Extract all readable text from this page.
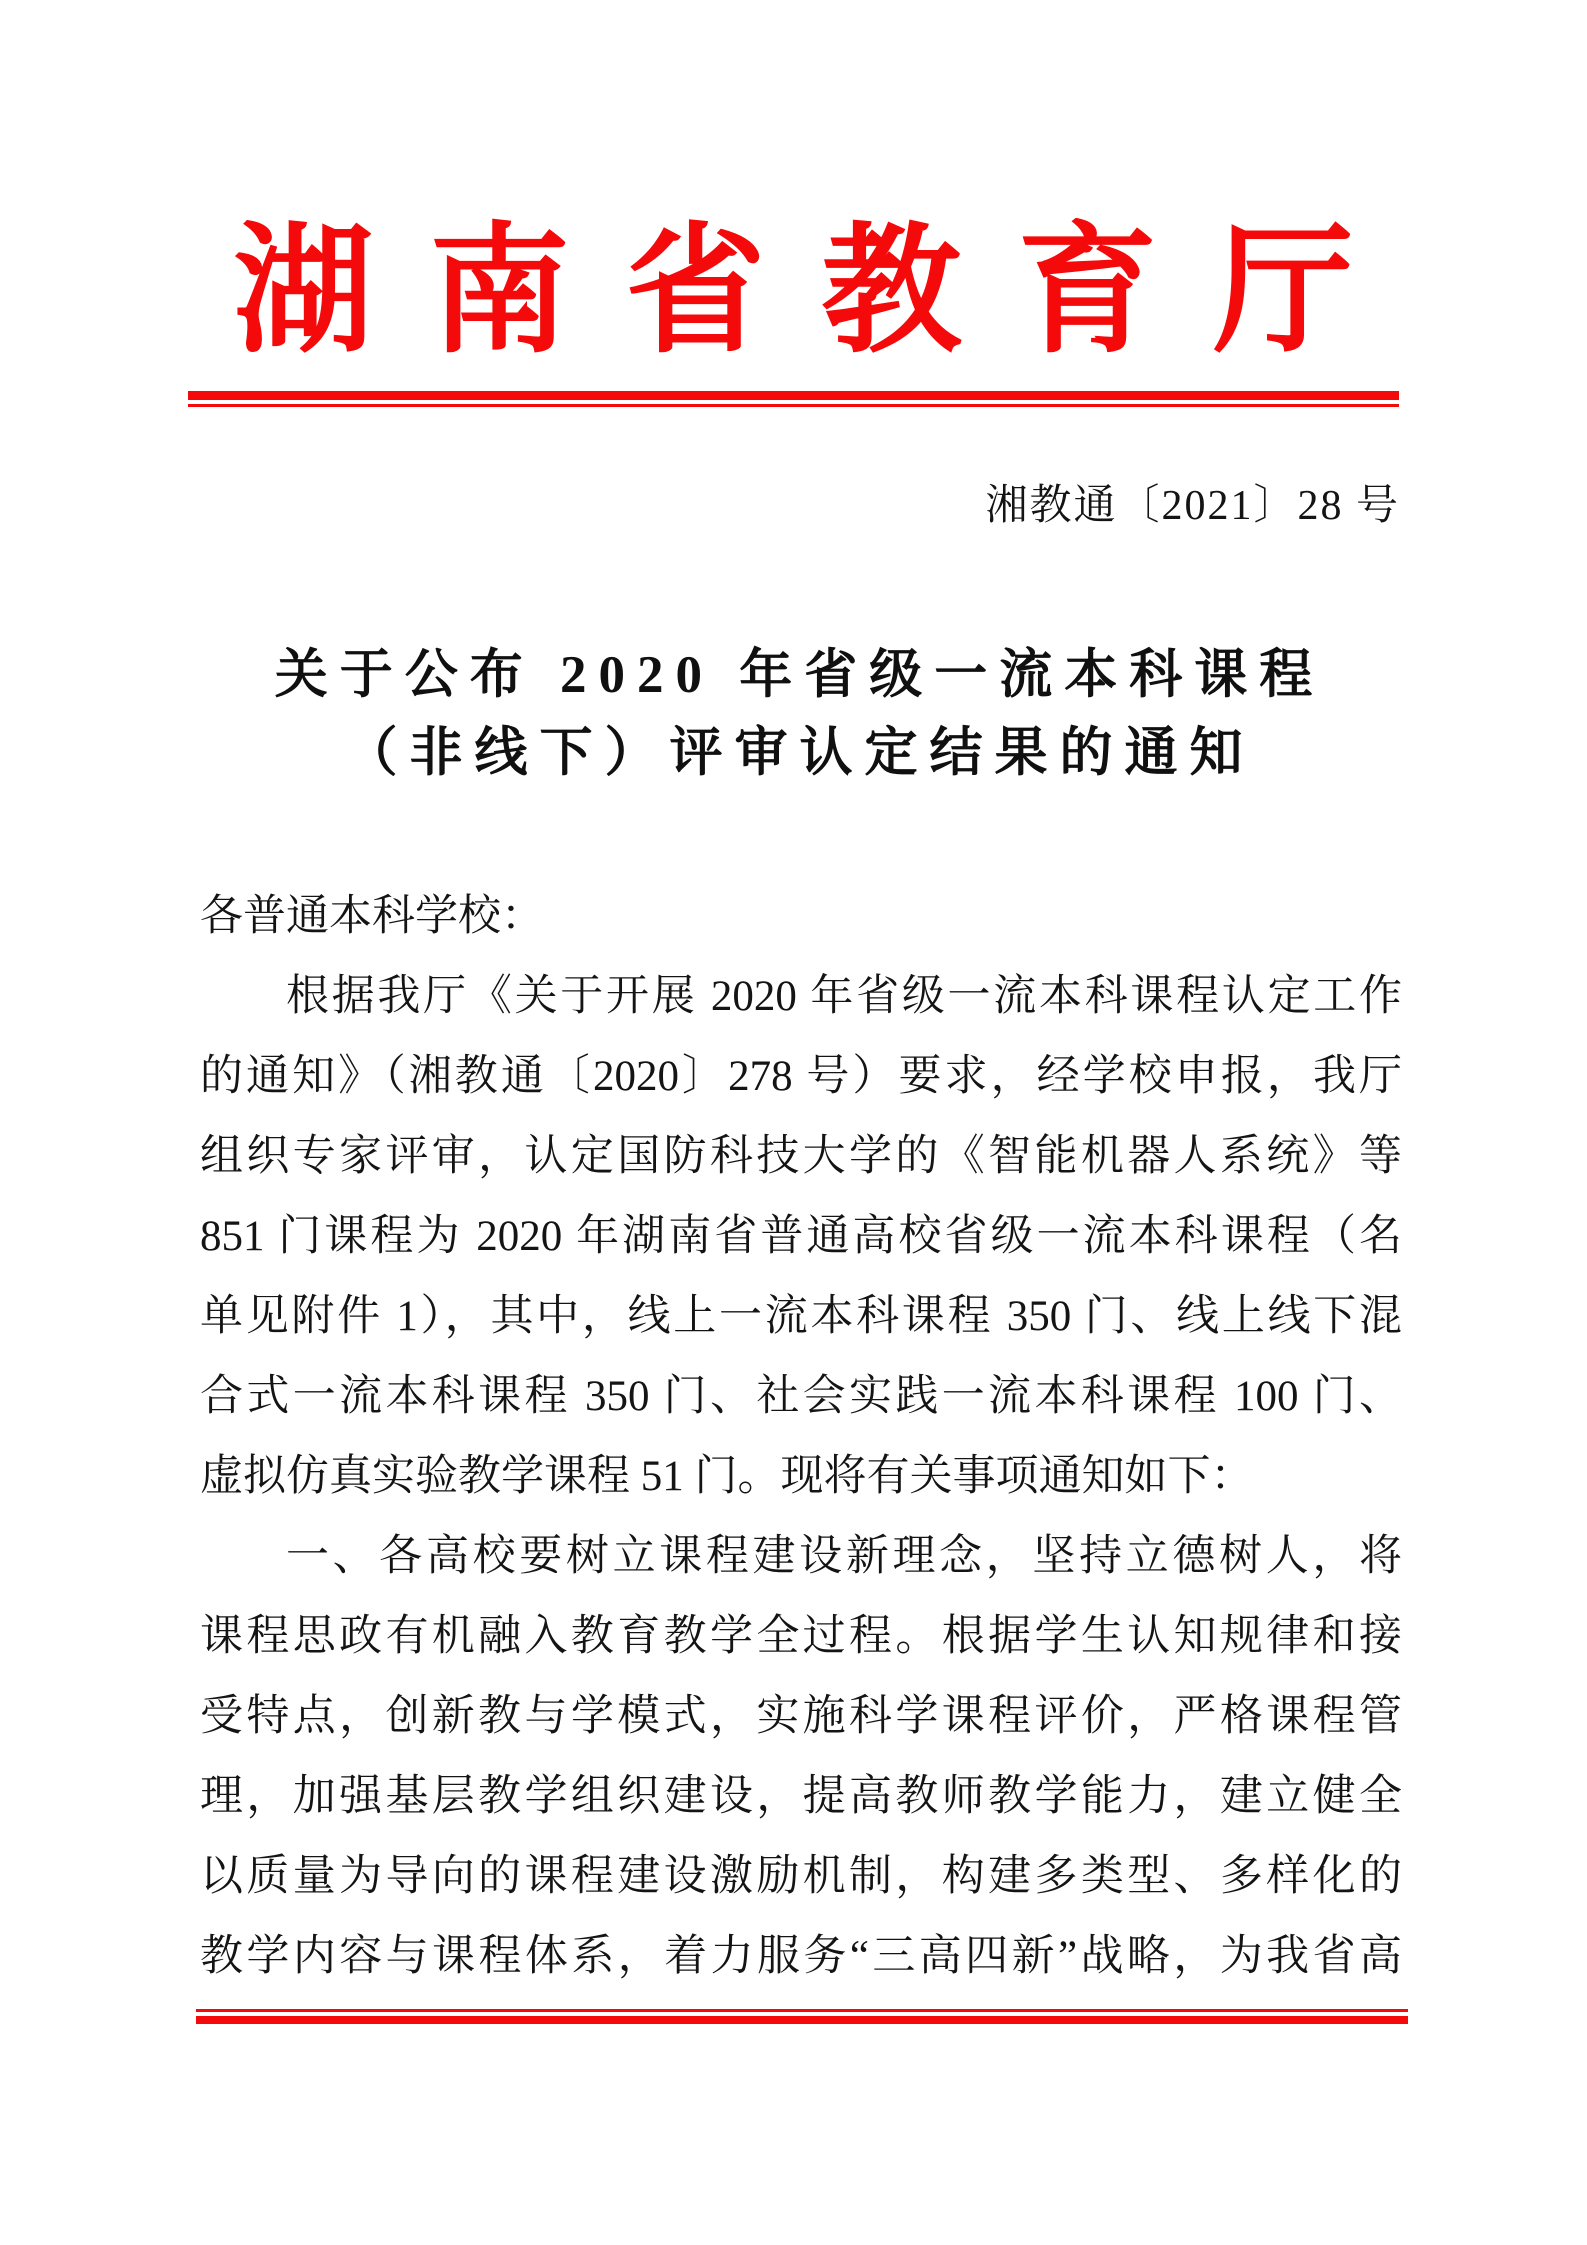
湖南省教育厅
湘教通〔2021〕28 号
关于公布 2020 年省级一流本科课程
（非线下）评审认定结果的通知
各普通本科学校：
根据我厅《关于开展 2020 年省级一流本科课程认定工作
的通知》（湘教通〔2020〕278 号）要求，经学校申报，我厅
组织专家评审，认定国防科技大学的《智能机器人系统》等
851 门课程为 2020 年湖南省普通高校省级一流本科课程（名
单见附件 1），其中，线上一流本科课程 350 门、线上线下混
合式一流本科课程 350 门、社会实践一流本科课程 100 门、
虚拟仿真实验教学课程 51 门。现将有关事项通知如下：
一、各高校要树立课程建设新理念，坚持立德树人，将
课程思政有机融入教育教学全过程。根据学生认知规律和接
受特点，创新教与学模式，实施科学课程评价，严格课程管
理，加强基层教学组织建设，提高教师教学能力，建立健全
以质量为导向的课程建设激励机制，构建多类型、多样化的
教学内容与课程体系，着力服务“三高四新”战略，为我省高
